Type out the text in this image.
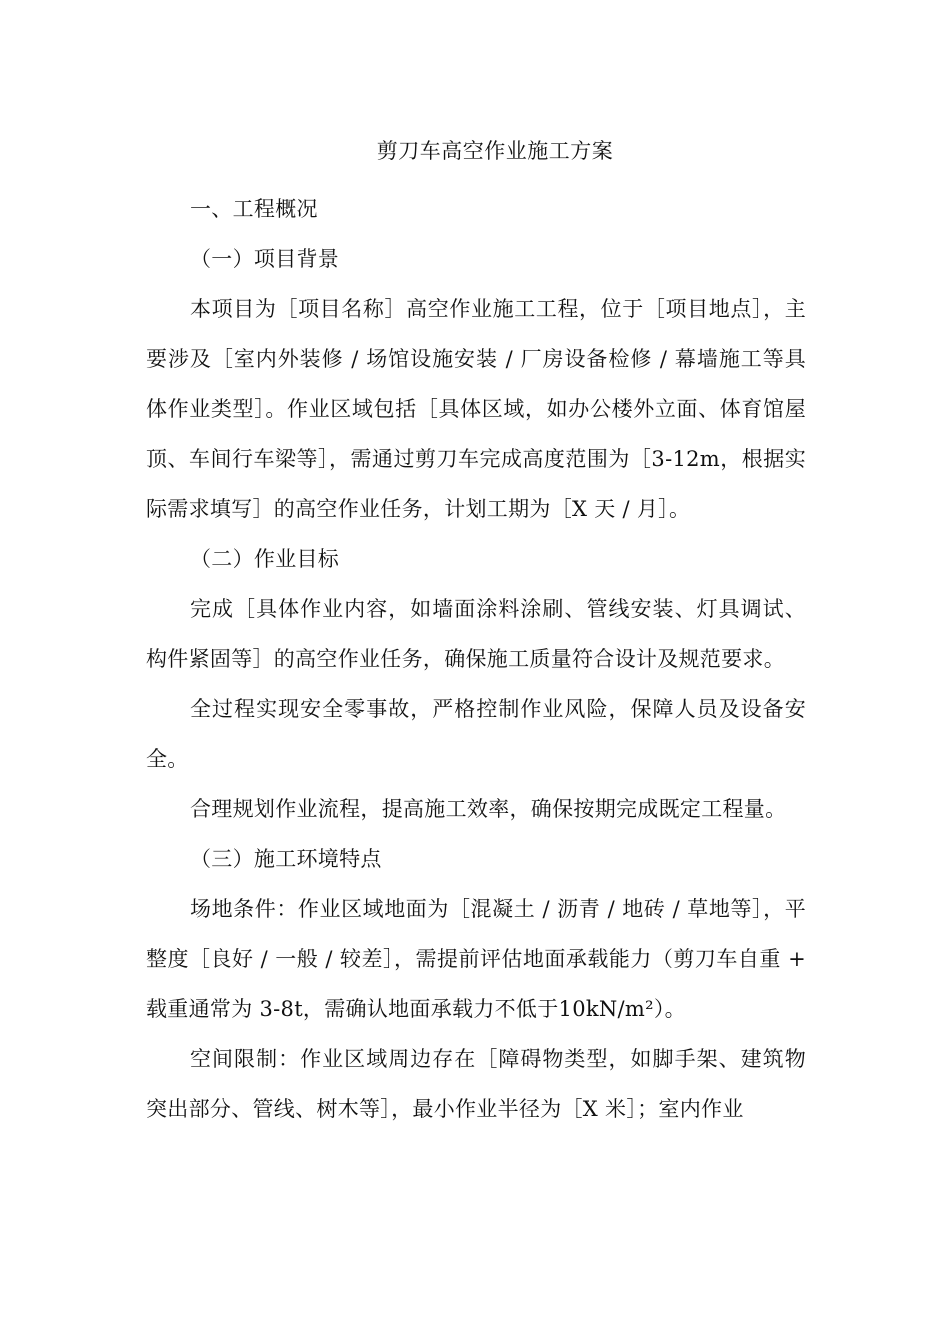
剪刀车高空作业施工方案

一、工程概况

（一）项目背景

本项目为［项目名称］高空作业施工工程，位于［项目地点］，主要涉及［室内外装修 / 场馆设施安装 / 厂房设备检修 / 幕墙施工等具体作业类型］。作业区域包括［具体区域，如办公楼外立面、体育馆屋顶、车间行车梁等］，需通过剪刀车完成高度范围为［3-12m，根据实际需求填写］的高空作业任务，计划工期为［X 天 / 月］。

（二）作业目标

完成［具体作业内容，如墙面涂料涂刷、管线安装、灯具调试、构件紧固等］的高空作业任务，确保施工质量符合设计及规范要求。

全过程实现安全零事故，严格控制作业风险，保障人员及设备安全。

合理规划作业流程，提高施工效率，确保按期完成既定工程量。

（三）施工环境特点

场地条件：作业区域地面为［混凝土 / 沥青 / 地砖 / 草地等］，平整度［良好 / 一般 / 较差］，需提前评估地面承载能力（剪刀车自重 + 载重通常为 3-8t，需确认地面承载力不低于10kN/m²）。

空间限制：作业区域周边存在［障碍物类型，如脚手架、建筑物突出部分、管线、树木等］，最小作业半径为［X 米］；室内作业
